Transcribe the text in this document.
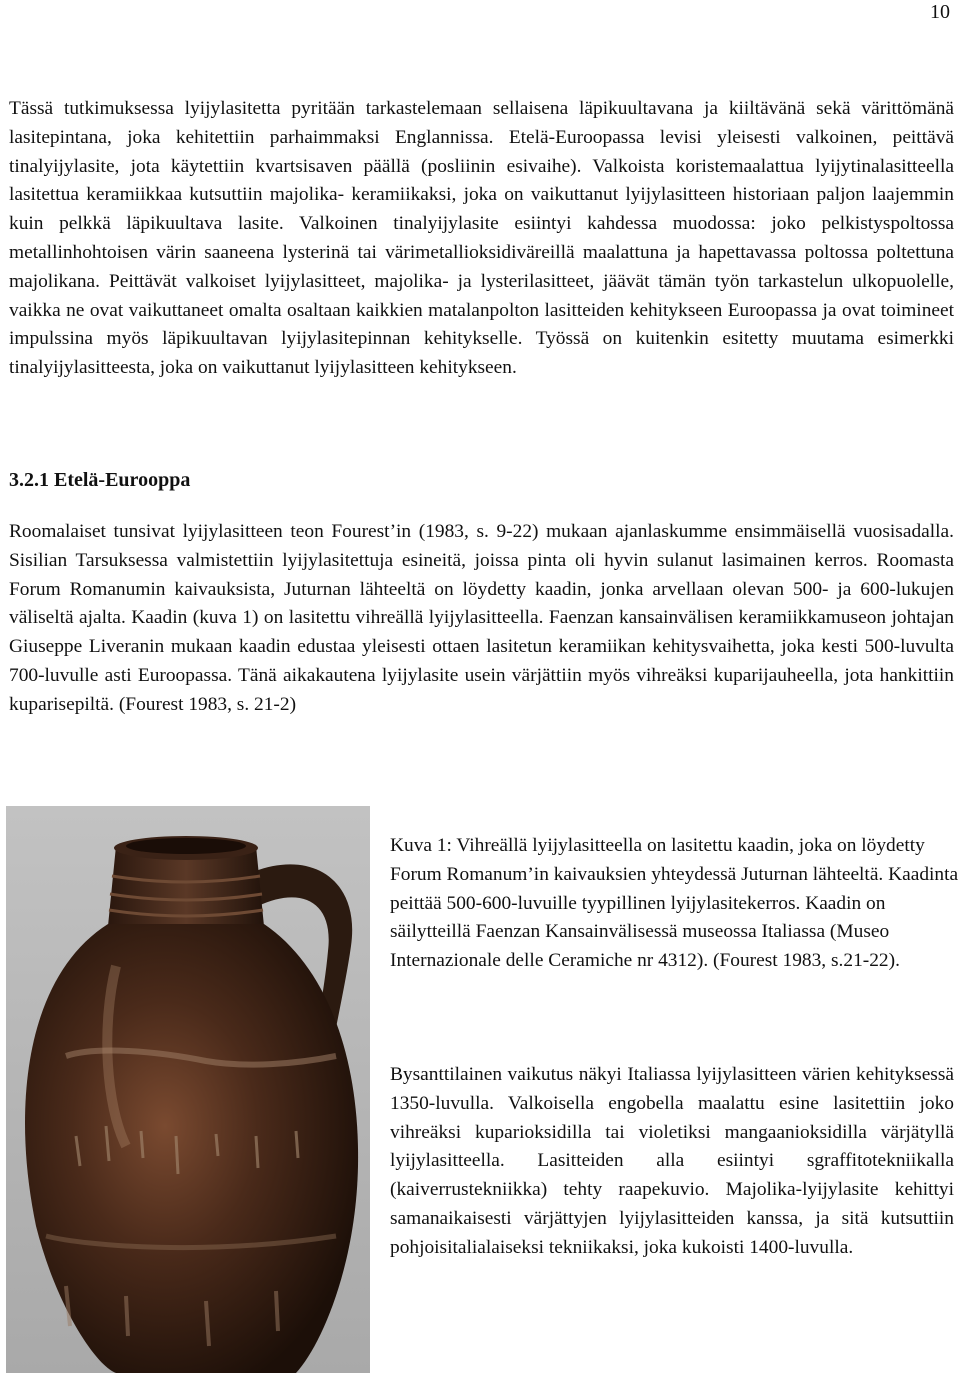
10

Tässä tutkimuksessa lyijylasitetta pyritään tarkastelemaan sellaisena läpikuultavana ja kiiltävänä sekä värittömänä lasitepintana, joka kehitettiin parhaimmaksi Englannissa. Etelä-Euroopassa levisi yleisesti valkoinen, peittävä tinalyijylasite, jota käytettiin kvartsisaven päällä (posliinin esivaihe). Valkoista koristemaalattua lyijytinalasitteella lasitettua keramiikkaa kutsuttiin majolika- keramiikaksi, joka on vaikuttanut lyijylasitteen historiaan paljon laajemmin kuin pelkkä läpikuultava lasite. Valkoinen tinalyijylasite esiintyi kahdessa muodossa: joko pelkistyspoltossa metallinhohtoisen värin saaneena lysterinä tai värimetallioksidiväreillä maalattuna ja hapettavassa poltossa poltettuna majolikana. Peittävät valkoiset lyijylasitteet, majolika- ja lysterilasitteet, jäävät tämän työn tarkastelun ulkopuolelle, vaikka ne ovat vaikuttaneet omalta osaltaan kaikkien matalanpolton lasitteiden kehitykseen Euroopassa ja ovat toimineet impulssina myös läpikuultavan lyijylasitepinnan kehitykselle. Työssä on kuitenkin esitetty muutama esimerkki tinalyijylasitteesta, joka on vaikuttanut lyijylasitteen kehitykseen.

3.2.1 Etelä-Eurooppa

Roomalaiset tunsivat lyijylasitteen teon Fourest’in (1983, s. 9-22) mukaan ajanlaskumme ensimmäisellä vuosisadalla. Sisilian Tarsuksessa valmistettiin lyijylasitettuja esineitä, joissa pinta oli hyvin sulanut lasimainen kerros. Roomasta Forum Romanumin kaivauksista, Juturnan lähteeltä on löydetty kaadin, jonka arvellaan olevan 500- ja 600-lukujen väliseltä ajalta. Kaadin (kuva 1) on lasitettu vihreällä lyijylasitteella. Faenzan kansainvälisen keramiikkamuseon johtajan Giuseppe Liveranin mukaan kaadin edustaa yleisesti ottaen lasitetun keramiikan kehitysvaihetta, joka kesti 500-luvulta 700-luvulle asti Euroopassa. Tänä aikakautena lyijylasite usein värjättiin myös vihreäksi kuparijauheella, jota hankittiin kuparisepiltä. (Fourest 1983, s. 21-2)

Kuva 1: Vihreällä lyijylasitteella on lasitettu kaadin, joka on löydetty Forum Romanum’in kaivauksien yhteydessä Juturnan lähteeltä. Kaadinta peittää 500-600-luvuille tyypillinen lyijylasitekerros. Kaadin on säilytteillä Faenzan Kansainvälisessä museossa Italiassa (Museo Internazionale delle Ceramiche nr 4312). (Fourest 1983, s.21-22).

Bysanttilainen vaikutus näkyi Italiassa lyijylasitteen värien kehityksessä 1350-luvulla. Valkoisella engobella maalattu esine lasitettiin joko vihreäksi kuparioksidilla tai violetiksi mangaanioksidilla värjätyllä lyijylasitteella. Lasitteiden alla esiintyi sgraffitotekniikalla (kaiverrustekniikka) tehty raapekuvio. Majolika-lyijylasite kehittyi samanaikaisesti värjättyjen lyijylasitteiden kanssa, ja sitä kutsuttiin pohjoisitalialaiseksi tekniikaksi, joka kukoisti 1400-luvulla.
